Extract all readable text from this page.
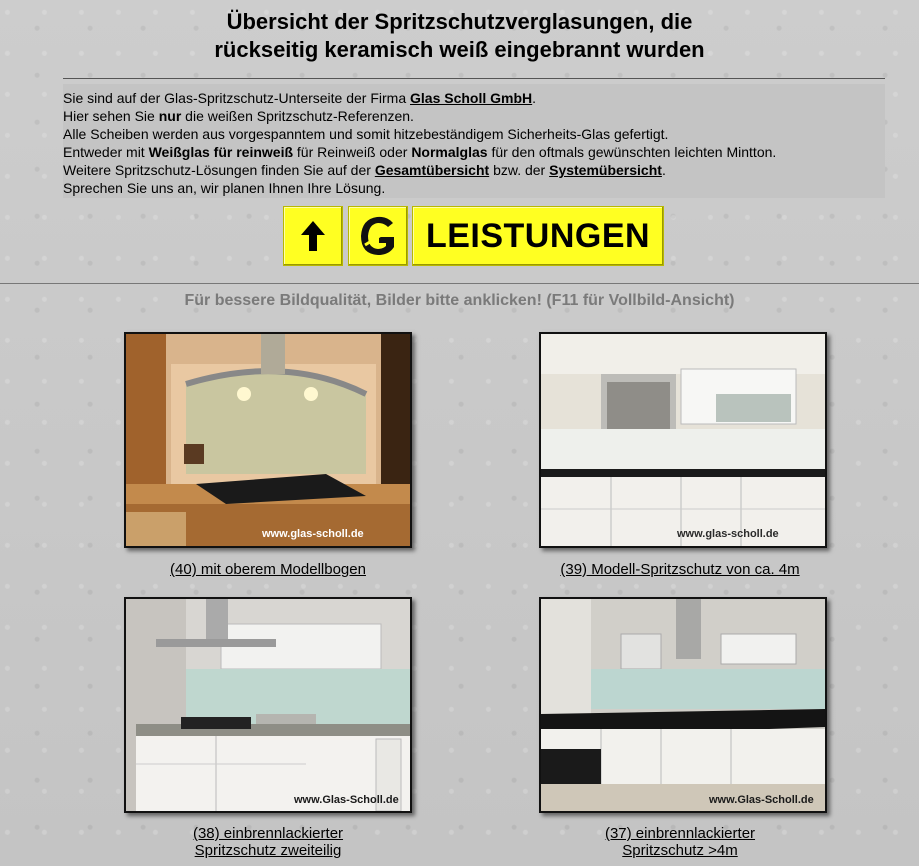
Übersicht der Spritzschutzverglasungen, die
rückseitig keramisch weiß eingebrannt wurden
Sie sind auf der Glas-Spritzschutz-Unterseite der Firma Glas Scholl GmbH.
Hier sehen Sie nur die weißen Spritzschutz-Referenzen.
Alle Scheiben werden aus vorgespanntem und somit hitzebeständigem Sicherheits-Glas gefertigt.
Entweder mit Weißglas für reinweiß für Reinweiß oder Normalglas für den oftmals gewünschten leichten Mintton.
Weitere Spritzschutz-Lösungen finden Sie auf der Gesamtübersicht bzw. der Systemübersicht.
Sprechen Sie uns an, wir planen Ihnen Ihre Lösung.
LEISTUNGEN
Für bessere Bildqualität, Bilder bitte anklicken! (F11 für Vollbild-Ansicht)
www.glas-scholl.de
(40) mit oberem Modellbogen
www.glas-scholl.de
(39) Modell-Spritzschutz von ca. 4m
www.Glas-Scholl.de
(38) einbrennlackierter
Spritzschutz zweiteilig
www.Glas-Scholl.de
(37) einbrennlackierter
Spritzschutz >4m
